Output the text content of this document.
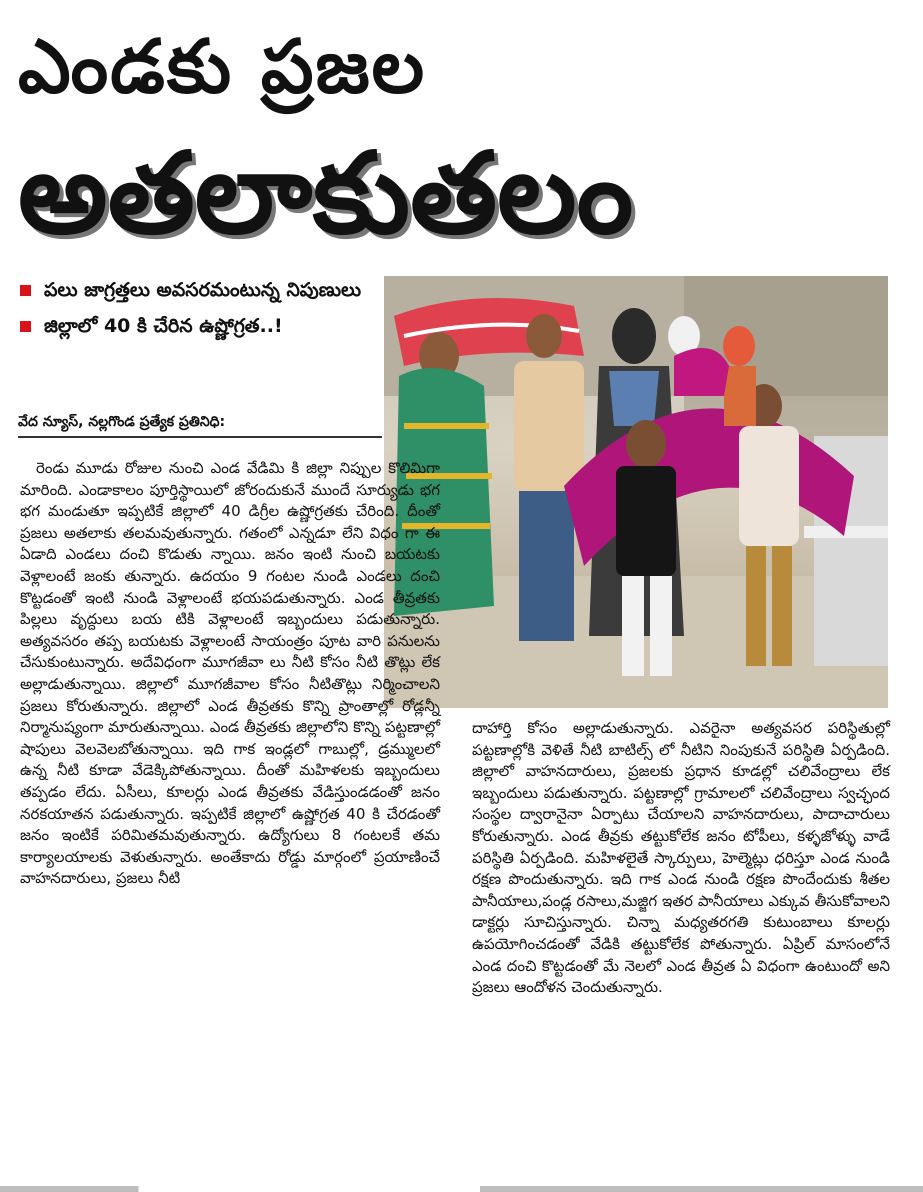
ఎండకు ప్రజల
అతలాకుతలం
పలు జాగ్రత్తలు అవసరమంటున్న నిపుణులు
జిల్లాలో 40 కి చేరిన ఉష్ణోగ్రత..!
వేద న్యూస్, నల్లగొండ ప్రత్యేక ప్రతినిధి:

రెండు మూడు రోజుల నుంచి ఎండ వేడిమి కి జిల్లా నిప్పుల కొలిమిగా మారింది. ఎండాకాలం పూర్తిస్థాయిలో జోరందుకునే ముందే సూర్యుడు భగ భగ మండుతూ ఇప్పటికే జిల్లాలో 40 డిగ్రీల ఉష్ణోగ్రతకు చేరింది. దీంతో ప్రజలు అతలాకు తలమవుతున్నారు. గతంలో ఎన్నడూ లేని విధం గా ఈ ఏడాది ఎండలు దంచి కొడుతు న్నాయి. జనం ఇంటి నుంచి బయటకు వెళ్లాలంటే జంకు తున్నారు. ఉదయం 9 గంటల నుండి ఎండలు దంచి కొట్టడంతో ఇంటి నుండి వెళ్లాలంటే భయపడుతున్నారు. ఎండ తీవ్రతకు పిల్లలు వృద్దులు బయ టికి వెళ్లాలంటే ఇబ్బందులు పడుతున్నారు. అత్యవసరం తప్ప బయటకు వెళ్లాలంటే సాయంత్రం పూట వారి పనులను చేసుకుంటున్నారు. అదేవిధంగా మూగజీవా లు నీటి కోసం నీటి తొట్లు లేక అల్లాడుతున్నాయి. జిల్లాలో మూగజీవాల కోసం నీటితొట్లు నిర్మించాలని ప్రజలు కోరుతున్నారు. జిల్లాలో ఎండ తీవ్రతకు కొన్ని ప్రాంతాల్లో రోడ్లన్నీ నిర్మానుష్యంగా మారుతున్నాయి. ఎండ తీవ్రతకు జిల్లాలోని కొన్ని పట్టణాల్లో షాపులు వెలవెలబోతున్నాయి. ఇది గాక ఇండ్లలో గాబుల్లో, డ్రమ్ములలో ఉన్న నీటి కూడా వేడెక్కిపోతున్నాయి. దీంతో మహిళలకు ఇబ్బందులు తప్పడం లేదు. ఏసీలు, కూలర్లు ఎండ తీవ్రతకు వేడిస్తుండడంతో జనం నరకయాతన పడుతున్నారు. ఇప్పటికే జిల్లాలో ఉష్ణోగ్రత 40 కి చేరడంతో జనం ఇంటికే పరిమితమవుతున్నారు. ఉద్యోగులు 8 గంటలకే తమ కార్యాలయాలకు వెళుతున్నారు. అంతేకాదు రోడ్డు మార్గంలో ప్రయాణించే వాహనదారులు, ప్రజలు నీటి

దాహార్తి కోసం అల్లాడుతున్నారు. ఎవరైనా అత్యవసర పరిస్థితుల్లో పట్టణాల్లోకి వెళితే నీటి బాటిల్స్ లో నీటిని నింపుకునే పరిస్థితి ఏర్పడింది. జిల్లాలో వాహనదారులు, ప్రజలకు ప్రధాన కూడల్లో చలివేంద్రాలు లేక ఇబ్బందులు పడుతున్నారు. పట్టణాల్లో గ్రామాలలో చలివేంద్రాలు స్వచ్ఛంద సంస్థల ద్వారానైనా ఏర్పాటు చేయాలని వాహనదారులు, పాదాచారులు కోరుతున్నారు. ఎండ తీవ్రకు తట్టుకోలేక జనం టోపీలు, కళ్ళజోళ్ళు వాడే పరిస్థితి ఏర్పడింది. మహిళలైతే స్కార్పులు, హెల్మెట్లు ధరిస్తూ ఎండ నుండి రక్షణ పొందుతున్నారు. ఇది గాక ఎండ నుండి రక్షణ పొందేందుకు శీతల పానీయాలు,పండ్ల రసాలు,మజ్జిగ ఇతర పానీయాలు ఎక్కువ తీసుకోవాలని డాక్టర్లు సూచిస్తున్నారు. చిన్నా మధ్యతరగతి కుటుంబాలు కూలర్లు ఉపయోగించడంతో వేడికి తట్టుకోలేక పోతున్నారు. ఏప్రిల్ మాసంలోనే ఎండ దంచి కొట్టడంతో మే నెలలో ఎండ తీవ్రత ఏ విధంగా ఉంటుందో అని ప్రజలు ఆందోళన చెందుతున్నారు.
